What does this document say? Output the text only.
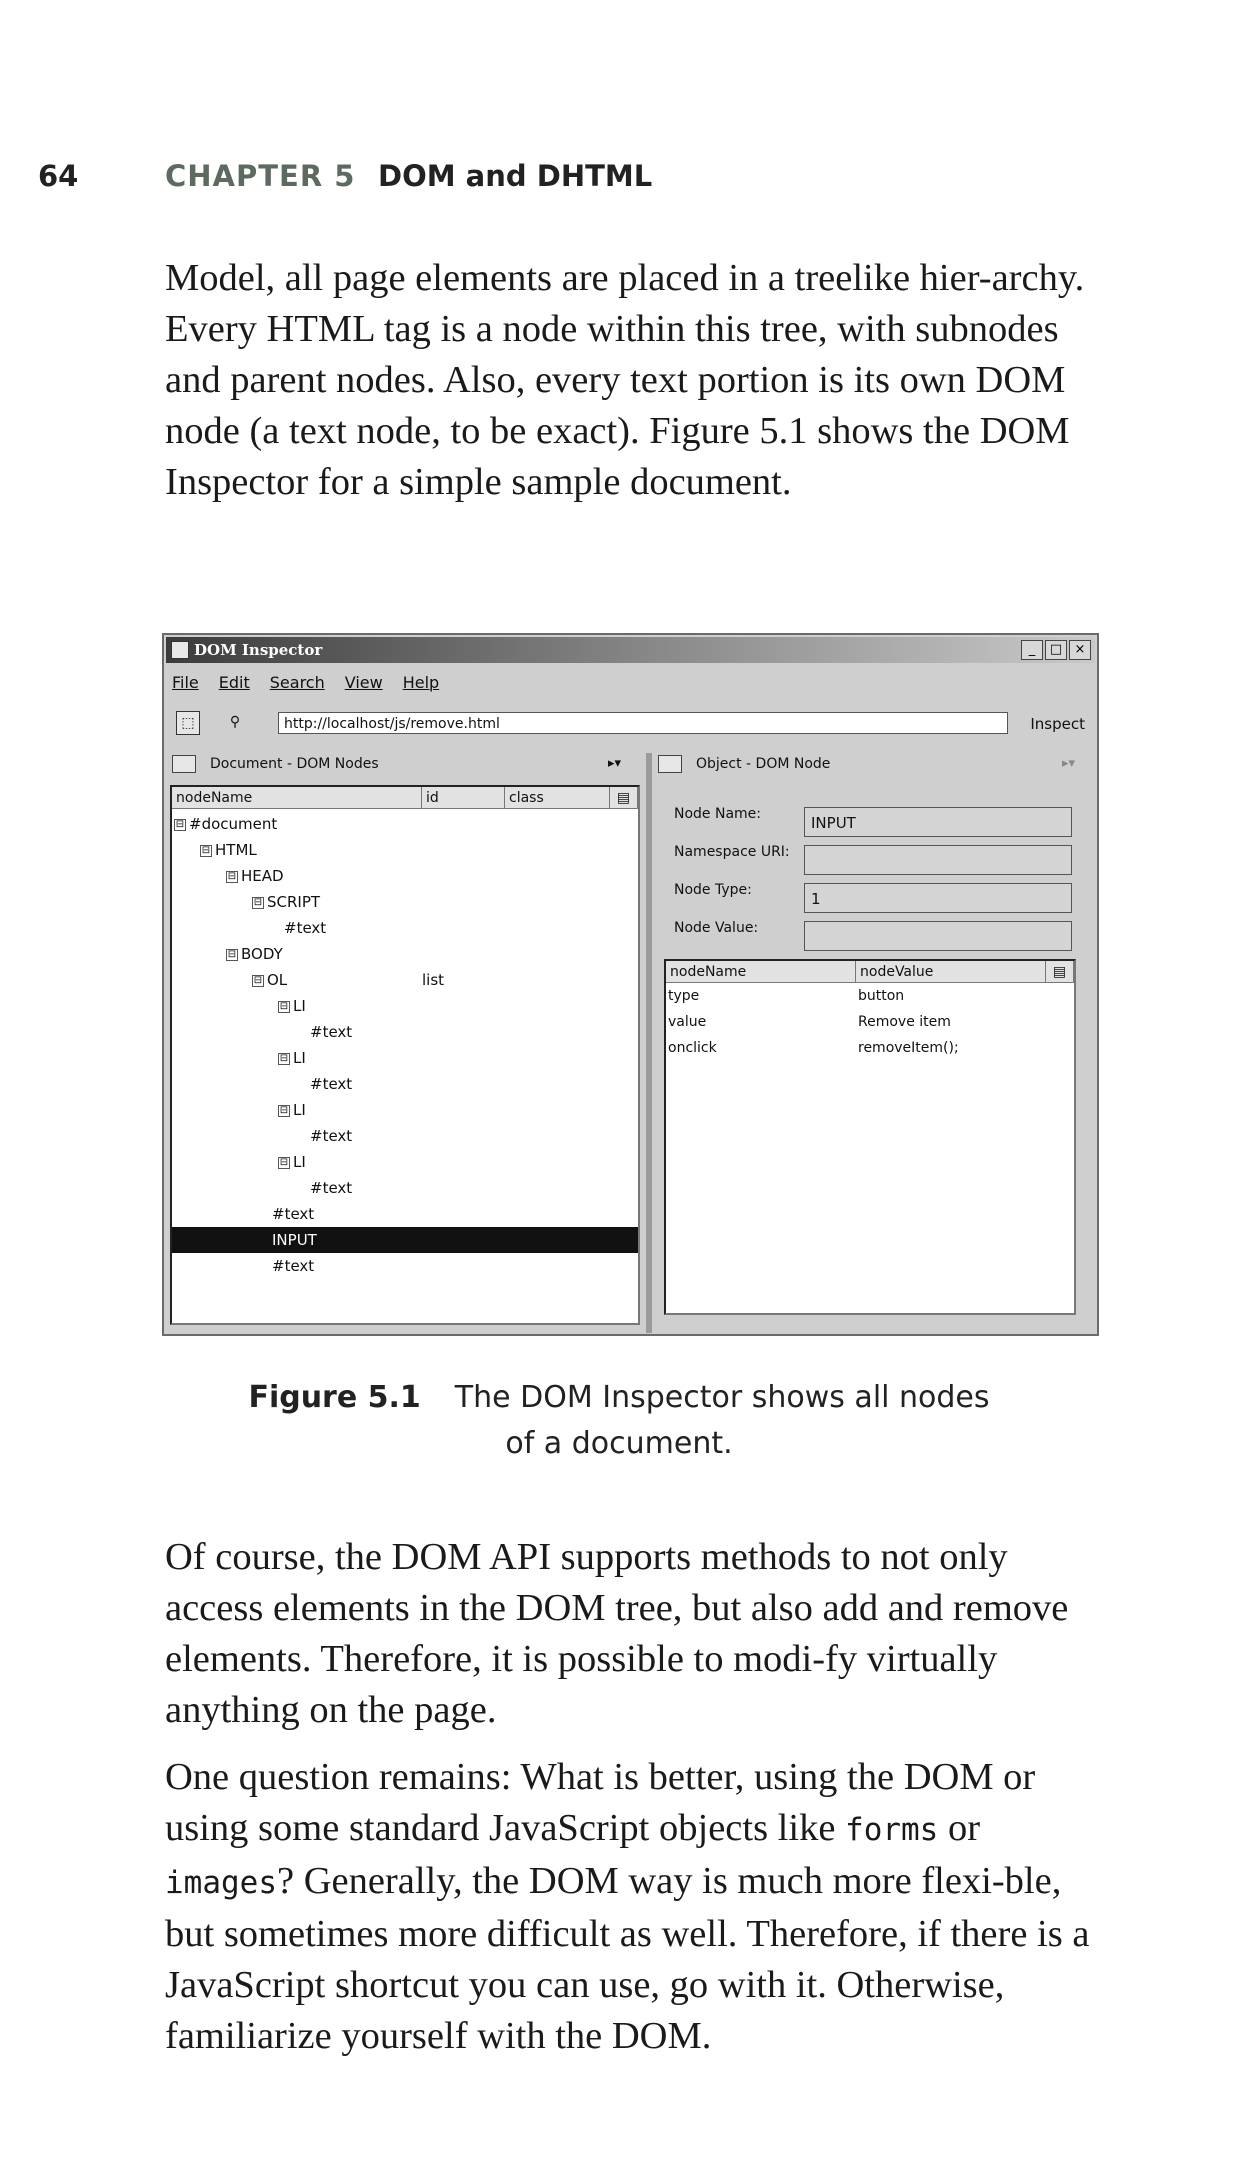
64	CHAPTER 5 DOM and DHTML

Model, all page elements are placed in a treelike hier-archy. Every HTML tag is a node within this tree, with subnodes and parent nodes. Also, every text portion is its own DOM node (a text node, to be exact). Figure 5.1 shows the DOM Inspector for a simple sample document.

DOM Inspector	_	□ ×
File Edit Search View Help
⬚	⚲	http://localhost/js/remove.html	Inspect
Document - DOM Nodes	▸▾
nodeName	id	class	▤
⊟ #document
⊟ HTML
⊟ HEAD
⊟ SCRIPT
#text
⊟ BODY
⊟ OL	list
⊟ LI
#text
⊟ LI
#text
⊟ LI
#text
⊟ LI
#text
#text
INPUT
#text
Object - DOM Node	▸▾
Node Name:	INPUT
Namespace URI:
Node Type:	1
Node Value:
nodeName	nodeValue	▤
type	button
value	Remove item
onclick	removeItem();
Figure 5.1 The DOM Inspector shows all nodes
of a document.

Of course, the DOM API supports methods to not only access elements in the DOM tree, but also add and remove elements. Therefore, it is possible to modi-fy virtually anything on the page.

One question remains: What is better, using the DOM or using some standard JavaScript objects like forms or images? Generally, the DOM way is much more flexi-ble, but sometimes more difficult as well. Therefore, if there is a JavaScript shortcut you can use, go with it. Otherwise, familiarize yourself with the DOM.
